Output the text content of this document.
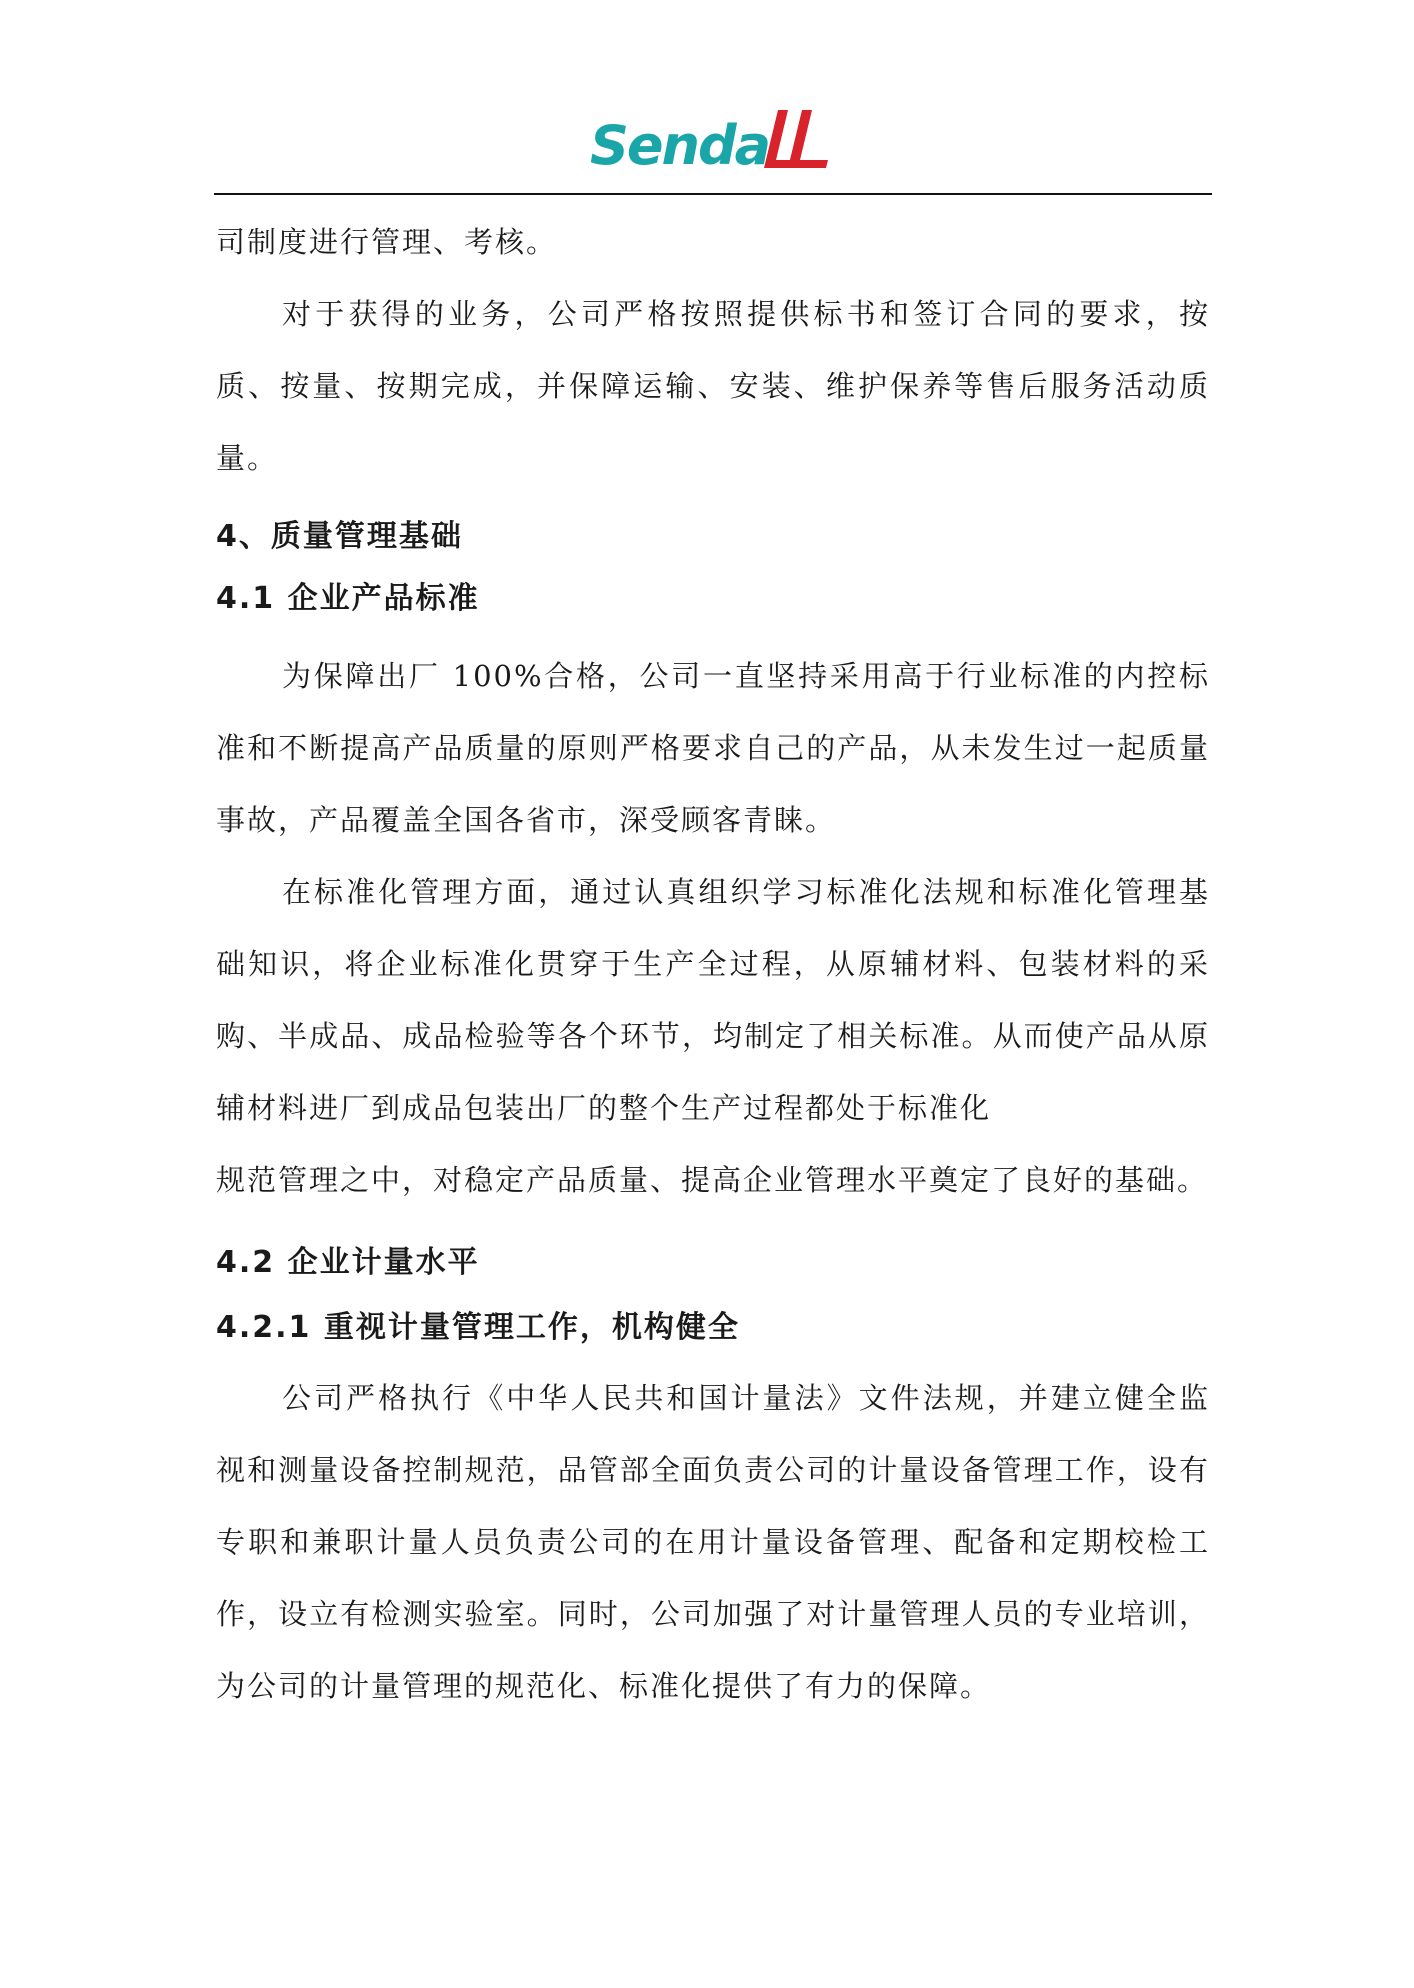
Senda

司制度进行管理、考核。

对于获得的业务，公司严格按照提供标书和签订合同的要求，按质、按量、按期完成，并保障运输、安装、维护保养等售后服务活动质量。

4、质量管理基础
4.1 企业产品标准

为保障出厂 100%合格，公司一直坚持采用高于行业标准的内控标准和不断提高产品质量的原则严格要求自己的产品，从未发生过一起质量事故，产品覆盖全国各省市，深受顾客青睐。

在标准化管理方面，通过认真组织学习标准化法规和标准化管理基础知识，将企业标准化贯穿于生产全过程，从原辅材料、包装材料的采购、半成品、成品检验等各个环节，均制定了相关标准。从而使产品从原辅材料进厂到成品包装出厂的整个生产过程都处于标准化

规范管理之中，对稳定产品质量、提高企业管理水平奠定了良好的基础。

4.2 企业计量水平
4.2.1 重视计量管理工作，机构健全

公司严格执行《中华人民共和国计量法》文件法规，并建立健全监视和测量设备控制规范，品管部全面负责公司的计量设备管理工作，设有专职和兼职计量人员负责公司的在用计量设备管理、配备和定期校检工作，设立有检测实验室。同时，公司加强了对计量管理人员的专业培训，为公司的计量管理的规范化、标准化提供了有力的保障。
